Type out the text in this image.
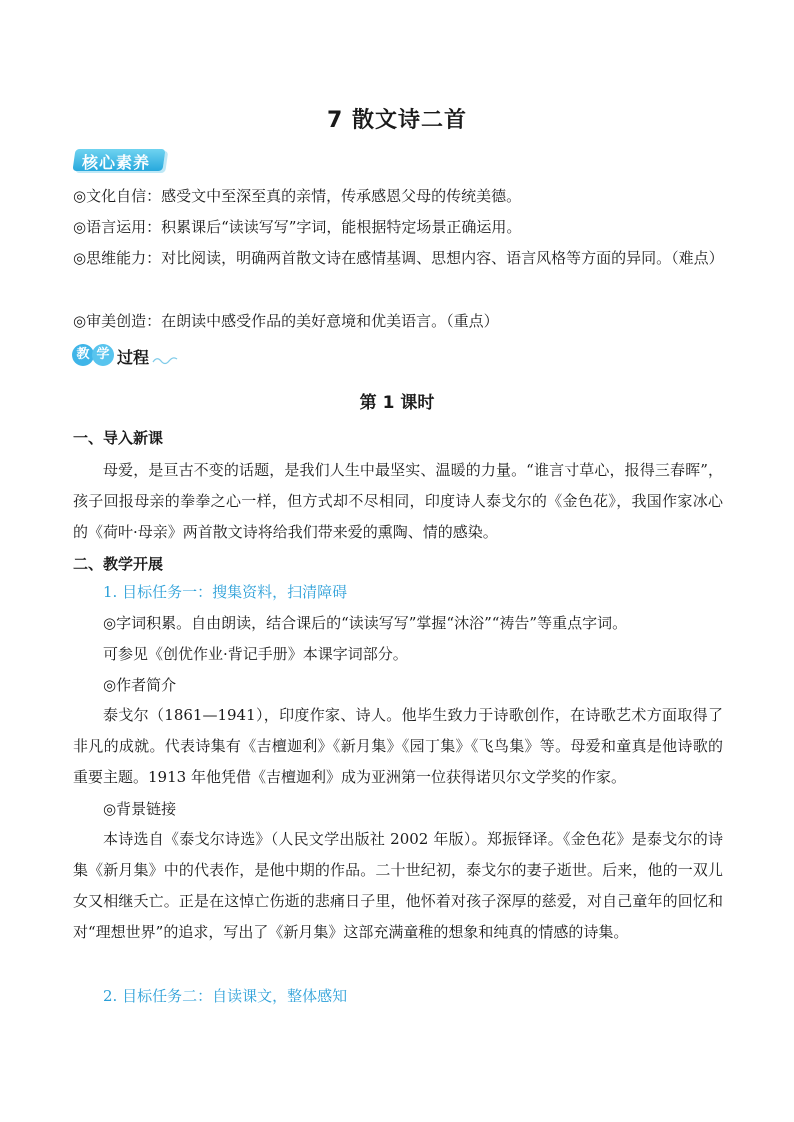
7 散文诗二首
核心素养
◎文化自信：感受文中至深至真的亲情，传承感恩父母的传统美德。
◎语言运用：积累课后“读读写写”字词，能根据特定场景正确运用。
◎思维能力： 对比阅读，明确两首散文诗在感情基调、思想内容、语言风格等方面的异同。（难点）
◎审美创造：在朗读中感受作品的美好意境和优美语言。（重点）
教 学 过程
第 1 课时
一、导入新课
母爱，是亘古不变的话题，是我们人生中最坚实、温暖的力量。“谁言寸草心，报得三春晖”，孩子回报母亲的拳拳之心一样，但方式却不尽相同，印度诗人泰戈尔的《金色花》，我国作家冰心的《荷叶·母亲》两首散文诗将给我们带来爱的熏陶、情的感染。
二、教学开展
1. 目标任务一：搜集资料，扫清障碍
◎字词积累。自由朗读，结合课后的“读读写写”掌握“沐浴”“祷告”等重点字词。
可参见《创优作业·背记手册》本课字词部分。
◎作者简介
泰戈尔（1861—1941），印度作家、诗人。他毕生致力于诗歌创作，在诗歌艺术方面取得了非凡的成就。代表诗集有《吉檀迦利》《新月集》《园丁集》《飞鸟集》等。母爱和童真是他诗歌的重要主题。1913 年他凭借《吉檀迦利》成为亚洲第一位获得诺贝尔文学奖的作家。
◎背景链接
本诗选自《泰戈尔诗选》（人民文学出版社 2002 年版）。郑振铎译。《金色花》是泰戈尔的诗集《新月集》中的代表作，是他中期的作品。二十世纪初，泰戈尔的妻子逝世。后来，他的一双儿女又相继夭亡。正是在这悼亡伤逝的悲痛日子里，他怀着对孩子深厚的慈爱，对自己童年的回忆和对“理想世界”的追求，写出了《新月集》这部充满童稚的想象和纯真的情感的诗集。
2. 目标任务二：自读课文，整体感知
